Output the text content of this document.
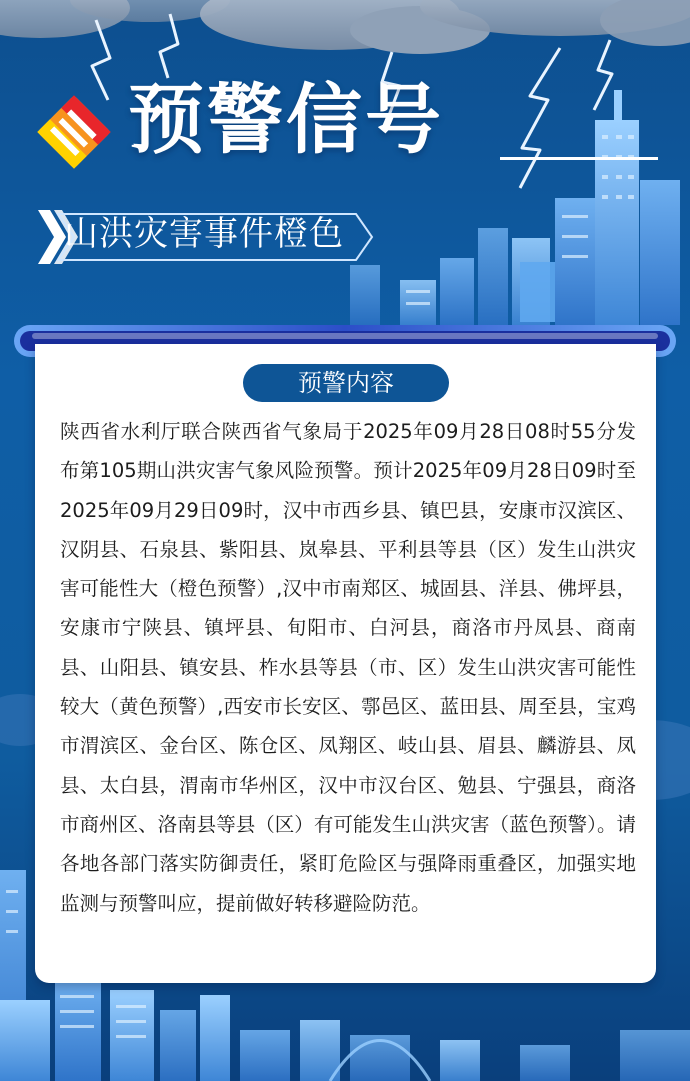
预警信号
山洪灾害事件橙色
预警内容

陕西省水利厅联合陕西省气象局于2025年09月28日08时55分发布第105期山洪灾害气象风险预警。预计2025年09月28日09时至2025年09月29日09时，汉中市西乡县、镇巴县，安康市汉滨区、汉阴县、石泉县、紫阳县、岚皋县、平利县等县（区）发生山洪灾害可能性大（橙色预警）,汉中市南郑区、城固县、洋县、佛坪县，安康市宁陕县、镇坪县、旬阳市、白河县，商洛市丹凤县、商南县、山阳县、镇安县、柞水县等县（市、区）发生山洪灾害可能性较大（黄色预警）,西安市长安区、鄠邑区、蓝田县、周至县，宝鸡市渭滨区、金台区、陈仓区、凤翔区、岐山县、眉县、麟游县、凤县、太白县，渭南市华州区，汉中市汉台区、勉县、宁强县，商洛市商州区、洛南县等县（区）有可能发生山洪灾害（蓝色预警）。请各地各部门落实防御责任，紧盯危险区与强降雨重叠区，加强实地监测与预警叫应，提前做好转移避险防范。
